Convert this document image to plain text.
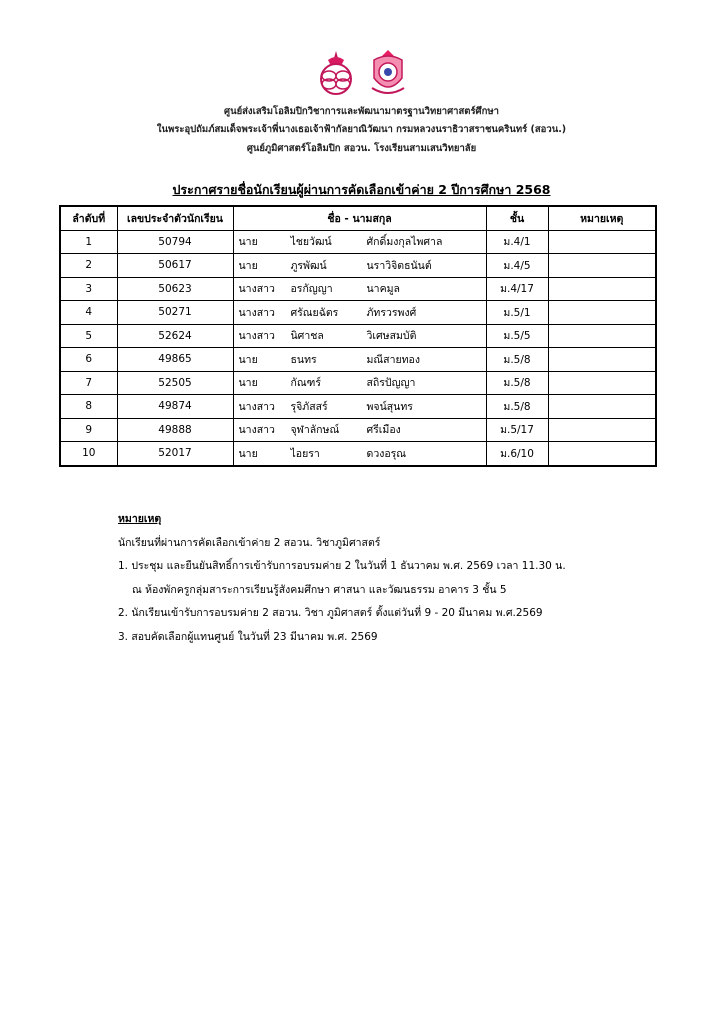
ศูนย์ส่งเสริมโอลิมปิกวิชาการและพัฒนามาตรฐานวิทยาศาสตร์ศึกษา
ในพระอุปถัมภ์สมเด็จพระเจ้าพี่นางเธอเจ้าฟ้ากัลยาณิวัฒนา กรมหลวงนราธิวาสราชนครินทร์ (สอวน.)
ศูนย์ภูมิศาสตร์โอลิมปิก สอวน. โรงเรียนสามเสนวิทยาลัย
ประกาศรายชื่อนักเรียนผู้ผ่านการคัดเลือกเข้าค่าย 2 ปีการศึกษา 2568
ลำดับที่	เลขประจำตัวนักเรียน	ชื่อ - นามสกุล	ชั้น	หมายเหตุ
1	50794	นาย ไชยวัฒน์ ศักดิ์มงกุลไพศาล	ม.4/1	
2	50617	นาย ภูรพัฒน์ นราวิจิตธนันต์	ม.4/5	
3	50623	นางสาว อรกัญญา นาคมูล	ม.4/17	
4	50271	นางสาว ศรัณยฉัตร ภัทรวรพงศ์	ม.5/1	
5	52624	นางสาว นิศาชล วิเศษสมบัติ	ม.5/5	
6	49865	นาย ธนทร มณีสายทอง	ม.5/8	
7	52505	นาย กัณฑร์ สถิรปัญญา	ม.5/8	
8	49874	นางสาว รุจิภัสสร์ พจน์สุนทร	ม.5/8	
9	49888	นางสาว จุฬาลักษณ์ ศรีเมือง	ม.5/17	
10	52017	นาย ไอยรา ดวงอรุณ	ม.6/10	
หมายเหตุ
นักเรียนที่ผ่านการคัดเลือกเข้าค่าย 2 สอวน. วิชาภูมิศาสตร์
1. ประชุม และยืนยันสิทธิ์การเข้ารับการอบรมค่าย 2 ในวันที่ 1 ธันวาคม พ.ศ. 2569 เวลา 11.30 น.
ณ ห้องพักครูกลุ่มสาระการเรียนรู้สังคมศึกษา ศาสนา และวัฒนธรรม อาคาร 3 ชั้น 5
2. นักเรียนเข้ารับการอบรมค่าย 2 สอวน. วิชา ภูมิศาสตร์ ตั้งแต่วันที่ 9 - 20 มีนาคม พ.ศ.2569
3. สอบคัดเลือกผู้แทนศูนย์ ในวันที่ 23 มีนาคม พ.ศ. 2569
